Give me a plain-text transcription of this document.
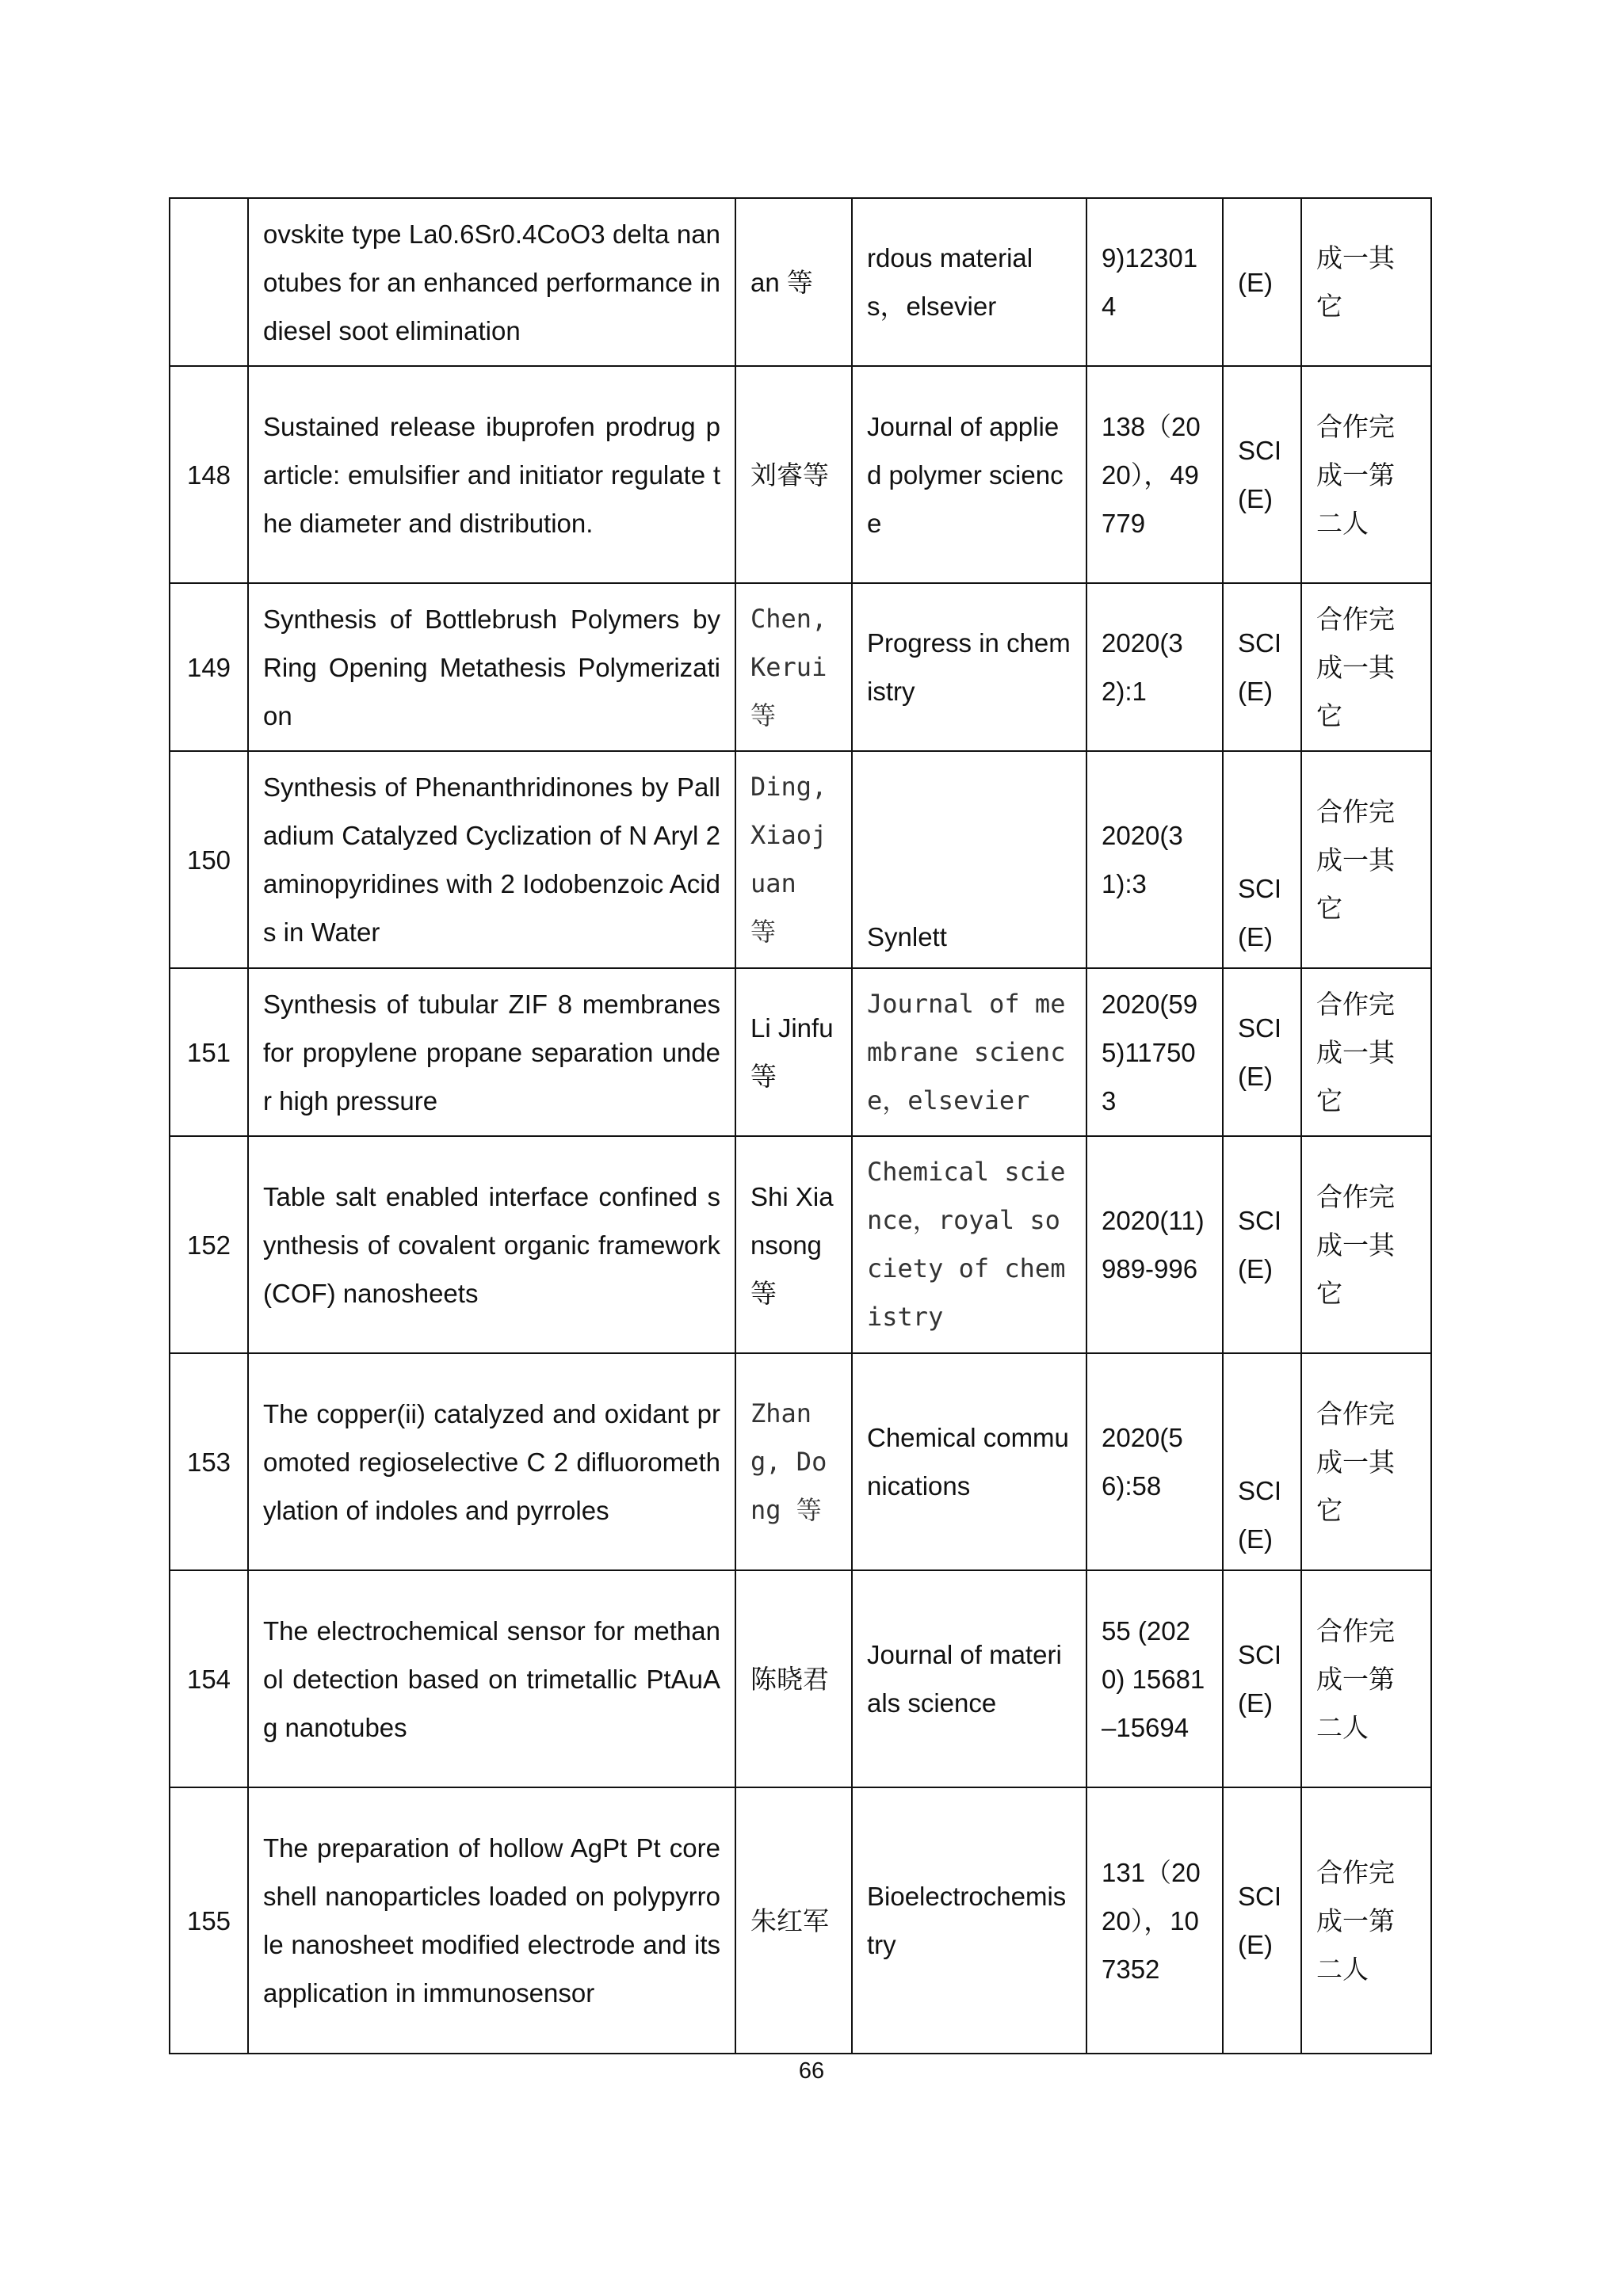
	ovskite type La0.6Sr0.4CoO3 delta nanotubes for an enhanced performance in diesel soot elimination	an 等	rdous materials，elsevier	9)123014	(E)	成一其它
148	Sustained release ibuprofen prodrug particle: emulsifier and initiator regulate the diameter and distribution.	刘睿等	Journal of applied polymer science	138（2020），49779	SCI (E)	合作完成一第二人
149	Synthesis of Bottlebrush Polymers by Ring Opening Metathesis Polymerization	Chen, Kerui 等	Progress in chemistry	2020(32):1	SCI (E)	合作完成一其它
150	Synthesis of Phenanthridinones by Palladium Catalyzed Cyclization of N Aryl 2 aminopyridines with 2 Iodobenzoic Acids in Water	Ding, Xiaojuan 等	Synlett	2020(31):3	SCI (E)	合作完成一其它
151	Synthesis of tubular ZIF 8 membranes for propylene propane separation under high pressure	Li Jinfu 等	Journal of membrane science，elsevier	2020(595)117503	SCI (E)	合作完成一其它
152	Table salt enabled interface confined synthesis of covalent organic framework (COF) nanosheets	Shi Xiansong 等	Chemical science，royal society of chemistry	2020(11)989-996	SCI (E)	合作完成一其它
153	The copper(ii) catalyzed and oxidant promoted regioselective C 2 difluoromethylation of indoles and pyrroles	Zhang, Dong 等	Chemical communications	2020(56):58	SCI (E)	合作完成一其它
154	The electrochemical sensor for methanol detection based on trimetallic PtAuAg nanotubes	陈晓君	Journal of materials science	55 (2020) 15681–15694	SCI (E)	合作完成一第二人
155	The preparation of hollow AgPt Pt core shell nanoparticles loaded on polypyrrole nanosheet modified electrode and its application in immunosensor	朱红军	Bioelectrochemistry	131（2020），107352	SCI (E)	合作完成一第二人
66
